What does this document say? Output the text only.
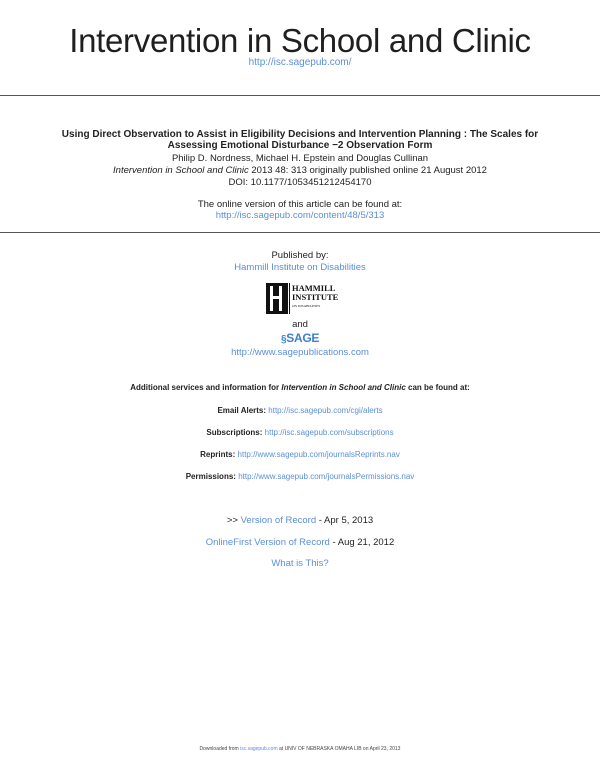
Intervention in School and Clinic
http://isc.sagepub.com/
Using Direct Observation to Assist in Eligibility Decisions and Intervention Planning : The Scales for
Assessing Emotional Disturbance −2 Observation Form
Philip D. Nordness, Michael H. Epstein and Douglas Cullinan
Intervention in School and Clinic 2013 48: 313 originally published online 21 August 2012
DOI: 10.1177/1053451212454170
The online version of this article can be found at:
http://isc.sagepub.com/content/48/5/313
Published by:
Hammill Institute on Disabilities
HAMMILL
INSTITUTE
ON DISABILITIES
and
§SAGE
http://www.sagepublications.com
Additional services and information for Intervention in School and Clinic can be found at:
Email Alerts: http://isc.sagepub.com/cgi/alerts
Subscriptions: http://isc.sagepub.com/subscriptions
Reprints: http://www.sagepub.com/journalsReprints.nav
Permissions: http://www.sagepub.com/journalsPermissions.nav
>> Version of Record - Apr 5, 2013
OnlineFirst Version of Record - Aug 21, 2012
What is This?
Downloaded from isc.sagepub.com at UNIV OF NEBRASKA OMAHA LIB on April 23, 2013
